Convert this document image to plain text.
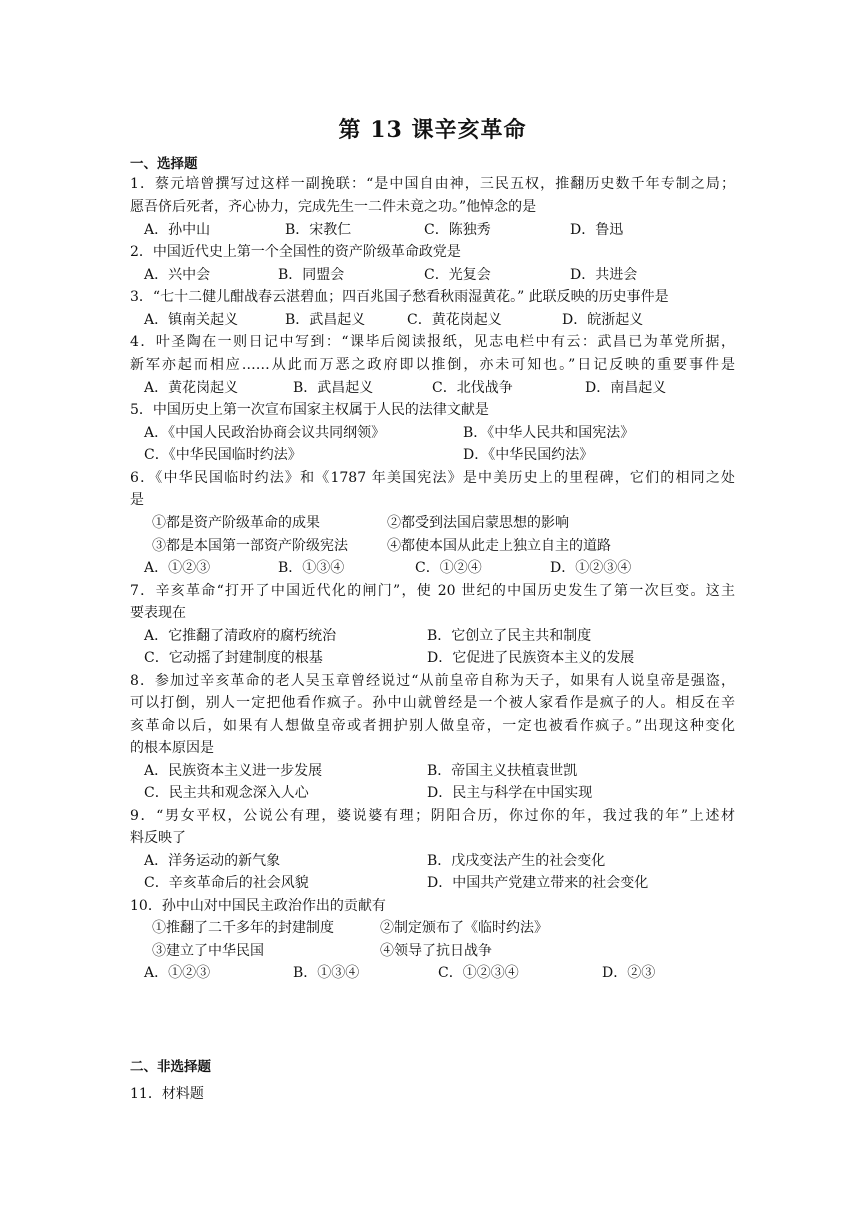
第 13 课辛亥革命
一、选择题
1．蔡元培曾撰写过这样一副挽联：“是中国自由神，三民五权，推翻历史数千年专制之局；
愿吾侪后死者，齐心协力，完成先生一二件未竟之功。”他悼念的是
A．孙中山	B．宋教仁	C．陈独秀	D．鲁迅
2．中国近代史上第一个全国性的资产阶级革命政党是
A．兴中会	B．同盟会	C．光复会	D．共进会
3．“七十二健儿酣战春云湛碧血；四百兆国子愁看秋雨湿黄花。” 此联反映的历史事件是
A．镇南关起义	B．武昌起义	C．黄花岗起义	D．皖浙起义
4．叶圣陶在一则日记中写到：“课毕后阅读报纸，见志电栏中有云：武昌已为革党所据，
新军亦起而相应……从此而万恶之政府即以推倒，亦未可知也。”日记反映的重要事件是
A．黄花岗起义	B．武昌起义	C．北伐战争	D．南昌起义
5．中国历史上第一次宣布国家主权属于人民的法律文献是
A．《中国人民政治协商会议共同纲领》	B．《中华人民共和国宪法》
C．《中华民国临时约法》	D．《中华民国约法》
6．《中华民国临时约法》和《1787 年美国宪法》是中美历史上的里程碑，它们的相同之处
是
①都是资产阶级革命的成果	②都受到法国启蒙思想的影响
③都是本国第一部资产阶级宪法	④都使本国从此走上独立自主的道路
A．①②③	B．①③④	C．①②④	D．①②③④
7．辛亥革命“打开了中国近代化的闸门”，使 20 世纪的中国历史发生了第一次巨变。这主
要表现在
A．它推翻了清政府的腐朽统治	B．它创立了民主共和制度
C．它动摇了封建制度的根基	D．它促进了民族资本主义的发展
8．参加过辛亥革命的老人吴玉章曾经说过“从前皇帝自称为天子，如果有人说皇帝是强盗，
可以打倒，别人一定把他看作疯子。孙中山就曾经是一个被人家看作是疯子的人。相反在辛
亥革命以后，如果有人想做皇帝或者拥护别人做皇帝，一定也被看作疯子。”出现这种变化
的根本原因是
A．民族资本主义进一步发展	B．帝国主义扶植袁世凯
C．民主共和观念深入人心	D．民主与科学在中国实现
9．“男女平权，公说公有理，婆说婆有理；阴阳合历，你过你的年，我过我的年”上述材
料反映了
A．洋务运动的新气象	B．戊戌变法产生的社会变化
C．辛亥革命后的社会风貌	D．中国共产党建立带来的社会变化
10．孙中山对中国民主政治作出的贡献有
①推翻了二千多年的封建制度	②制定颁布了《临时约法》
③建立了中华民国	④领导了抗日战争
A．①②③	B．①③④	C．①②③④	D．②③
二、非选择题
11．材料题
